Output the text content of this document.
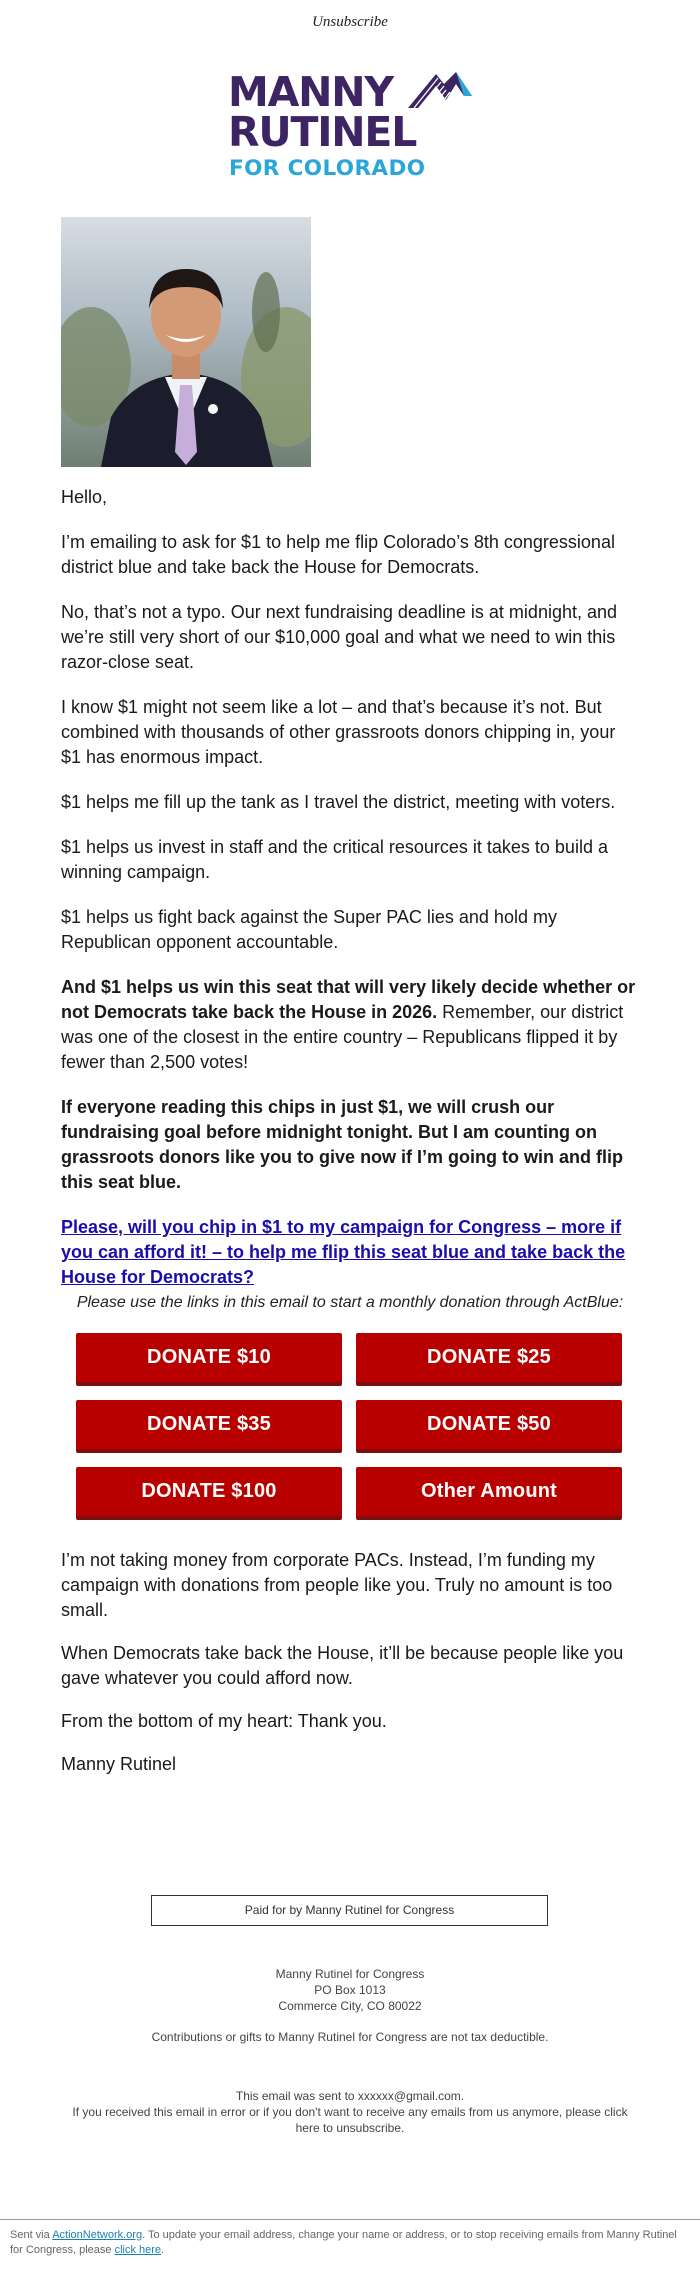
Unsubscribe
MANNY
RUTINEL
FOR COLORADO

Hello,

I’m emailing to ask for $1 to help me flip Colorado’s 8th congressional district blue and take back the House for Democrats.

No, that’s not a typo. Our next fundraising deadline is at midnight, and we’re still very short of our $10,000 goal and what we need to win this razor-close seat.

I know $1 might not seem like a lot – and that’s because it’s not. But combined with thousands of other grassroots donors chipping in, your $1 has enormous impact.

$1 helps me fill up the tank as I travel the district, meeting with voters.

$1 helps us invest in staff and the critical resources it takes to build a winning campaign.

$1 helps us fight back against the Super PAC lies and hold my Republican opponent accountable.

And $1 helps us win this seat that will very likely decide whether or not Democrats take back the House in 2026. Remember, our district was one of the closest in the entire country – Republicans flipped it by fewer than 2,500 votes!

If everyone reading this chips in just $1, we will crush our fundraising goal before midnight tonight. But I am counting on grassroots donors like you to give now if I’m going to win and flip this seat blue.

Please, will you chip in $1 to my campaign for Congress – more if you can afford it! – to help me flip this seat blue and take back the House for Democrats?

Please use the links in this email to start a monthly donation through ActBlue:
DONATE $10	DONATE $25
DONATE $35	DONATE $50
DONATE $100	Other Amount

I’m not taking money from corporate PACs. Instead, I’m funding my campaign with donations from people like you. Truly no amount is too small.

When Democrats take back the House, it’ll be because people like you gave whatever you could afford now.

From the bottom of my heart: Thank you.

Manny Rutinel

Paid for by Manny Rutinel for Congress
Manny Rutinel for Congress
PO Box 1013
Commerce City, CO 80022
Contributions or gifts to Manny Rutinel for Congress are not tax deductible.
This email was sent to xxxxxx@gmail.com.
If you received this email in error or if you don't want to receive any emails from us anymore, please click here to unsubscribe.
Sent via ActionNetwork.org. To update your email address, change your name or address, or to stop receiving emails from Manny Rutinel for Congress, please click here.
